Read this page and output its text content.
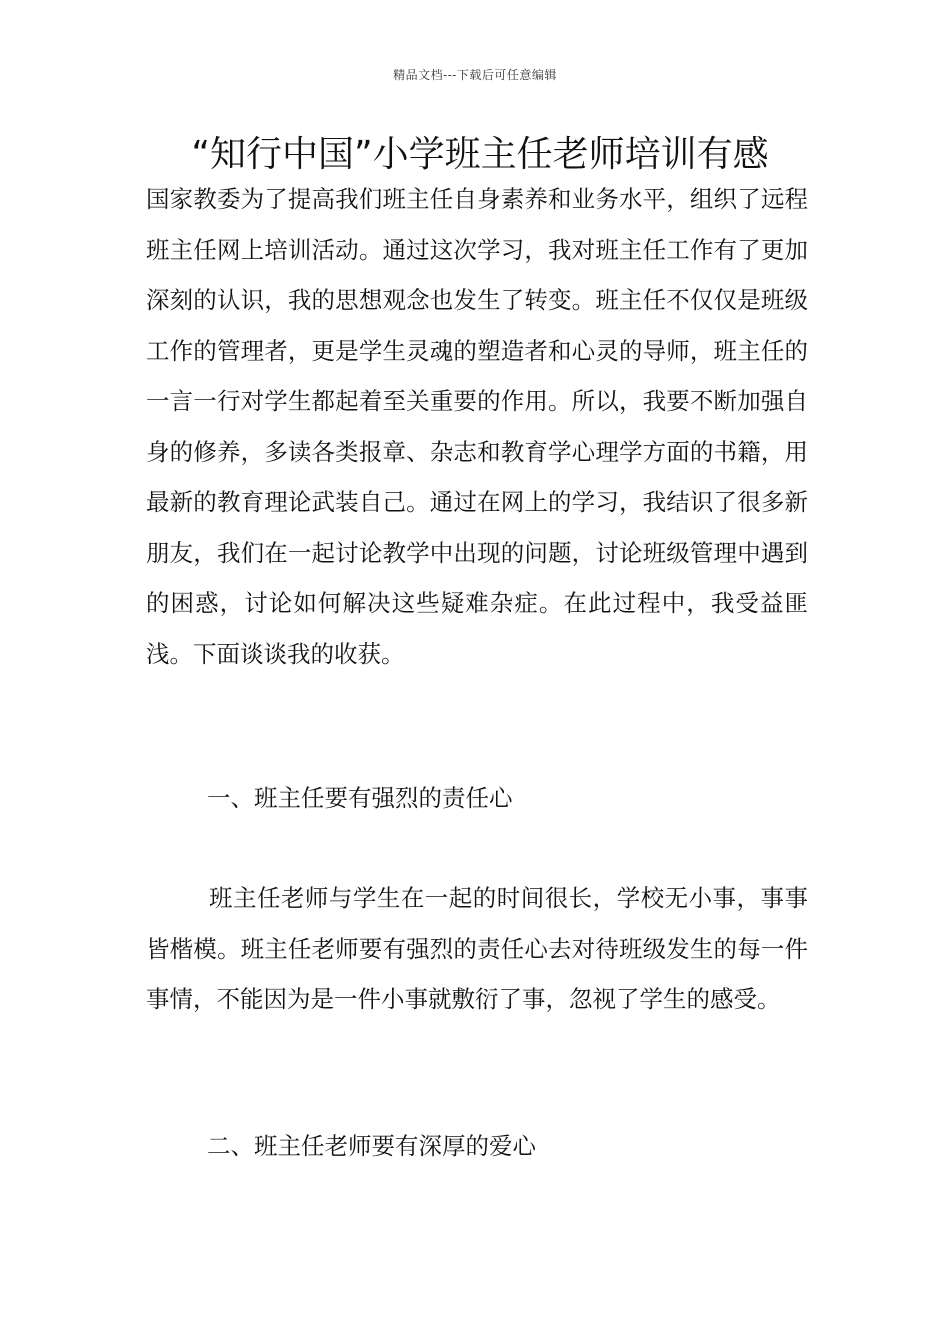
精品文档---下载后可任意编辑
“知行中国”小学班主任老师培训有感
国家教委为了提高我们班主任自身素养和业务水平，组织了远程班主任网上培训活动。通过这次学习，我对班主任工作有了更加深刻的认识，我的思想观念也发生了转变。班主任不仅仅是班级工作的管理者，更是学生灵魂的塑造者和心灵的导师，班主任的一言一行对学生都起着至关重要的作用。所以，我要不断加强自身的修养，多读各类报章、杂志和教育学心理学方面的书籍，用最新的教育理论武装自己。通过在网上的学习，我结识了很多新朋友，我们在一起讨论教学中出现的问题，讨论班级管理中遇到的困惑，讨论如何解决这些疑难杂症。在此过程中，我受益匪浅。下面谈谈我的收获。
一、班主任要有强烈的责任心
班主任老师与学生在一起的时间很长，学校无小事，事事皆楷模。班主任老师要有强烈的责任心去对待班级发生的每一件事情，不能因为是一件小事就敷衍了事，忽视了学生的感受。
二、班主任老师要有深厚的爱心
